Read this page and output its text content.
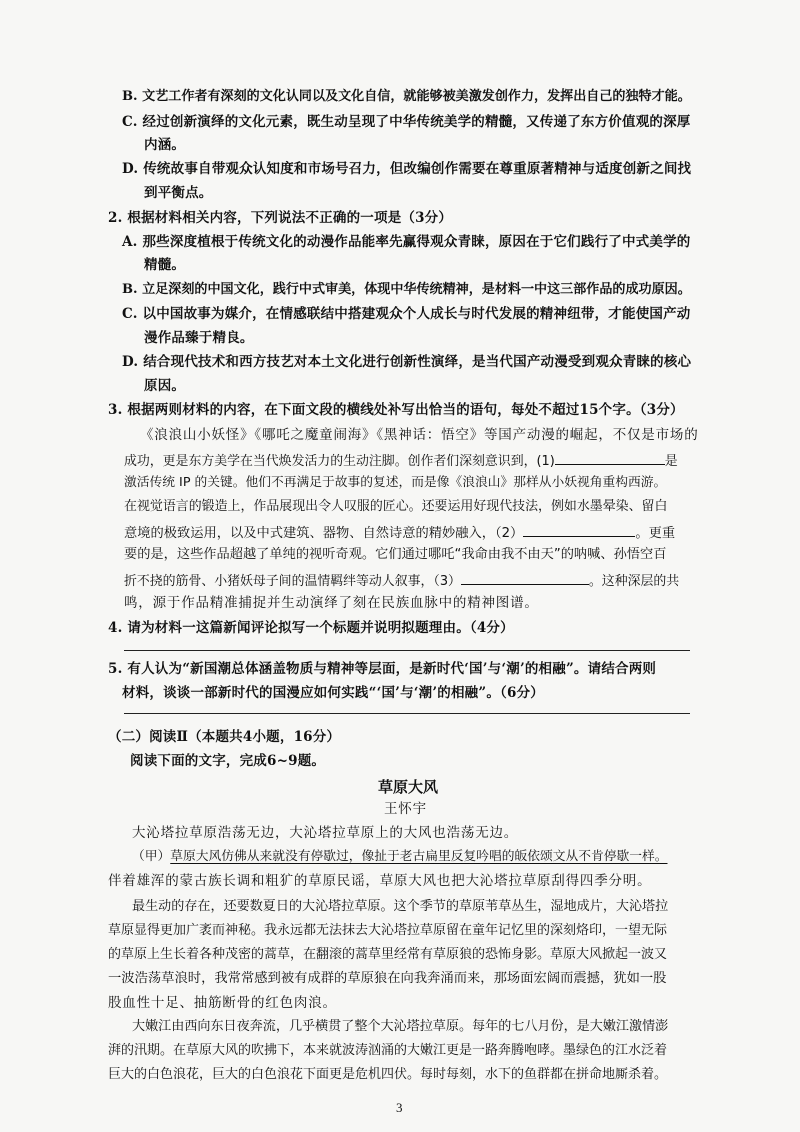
B. 文艺工作者有深刻的文化认同以及文化自信，就能够被美激发创作力，发挥出自己的独特才能。
C. 经过创新演绎的文化元素，既生动呈现了中华传统美学的精髓，又传递了东方价值观的深厚
内涵。
D. 传统故事自带观众认知度和市场号召力，但改编创作需要在尊重原著精神与适度创新之间找
到平衡点。
2. 根据材料相关内容，下列说法不正确的一项是（3分）
A. 那些深度植根于传统文化的动漫作品能率先赢得观众青睐，原因在于它们践行了中式美学的
精髓。
B. 立足深刻的中国文化，践行中式审美，体现中华传统精神，是材料一中这三部作品的成功原因。
C. 以中国故事为媒介，在情感联结中搭建观众个人成长与时代发展的精神纽带，才能使国产动
漫作品臻于精良。
D. 结合现代技术和西方技艺对本土文化进行创新性演绎，是当代国产动漫受到观众青睐的核心
原因。
3. 根据两则材料的内容，在下面文段的横线处补写出恰当的语句，每处不超过15个字。（3分）
《浪浪山小妖怪》《哪吒之魔童闹海》《黑神话：悟空》等国产动漫的崛起，不仅是市场的
成功，更是东方美学在当代焕发活力的生动注脚。创作者们深刻意识到，(1)	是
激活传统 IP 的关键。他们不再满足于故事的复述，而是像《浪浪山》那样从小妖视角重构西游。
在视觉语言的锻造上，作品展现出令人叹服的匠心。还要运用好现代技法，例如水墨晕染、留白
意境的极致运用，以及中式建筑、器物、自然诗意的精妙融入，（2）	。更重
要的是，这些作品超越了单纯的视听奇观。它们通过哪吒“我命由我不由天”的呐喊、孙悟空百
折不挠的筋骨、小猪妖母子间的温情羁绊等动人叙事，（3）	。这种深层的共
鸣，源于作品精准捕捉并生动演绎了刻在民族血脉中的精神图谱。
4. 请为材料一这篇新闻评论拟写一个标题并说明拟题理由。（4分）
5. 有人认为“新国潮总体涵盖物质与精神等层面，是新时代‘国’与‘潮’的相融”。请结合两则
材料，谈谈一部新时代的国漫应如何实践“‘国’与‘潮’的相融”。（6分）
（二）阅读Ⅱ（本题共4小题，16分）
阅读下面的文字，完成6~9题。
草原大风
王怀宇
大沁塔拉草原浩荡无边，大沁塔拉草原上的大风也浩荡无边。
（甲）草原大风仿佛从来就没有停歇过，像扯于老古扁里反复吟唱的皈依颂文从不肯停歇一样。
伴着雄浑的蒙古族长调和粗犷的草原民谣，草原大风也把大沁塔拉草原刮得四季分明。
最生动的存在，还要数夏日的大沁塔拉草原。这个季节的草原苇草丛生，湿地成片，大沁塔拉
草原显得更加广袤而神秘。我永远都无法抹去大沁塔拉草原留在童年记忆里的深刻烙印，一望无际
的草原上生长着各种茂密的蒿草，在翻滚的蒿草里经常有草原狼的恐怖身影。草原大风掀起一波又
一波浩荡草浪时，我常常感到被有成群的草原狼在向我奔涌而来，那场面宏阔而震撼，犹如一股
股血性十足、抽筋断骨的红色肉浪。
大嫩江由西向东日夜奔流，几乎横贯了整个大沁塔拉草原。每年的七八月份，是大嫩江激情澎
湃的汛期。在草原大风的吹拂下，本来就波涛汹涌的大嫩江更是一路奔腾咆哮。墨绿色的江水泛着
巨大的白色浪花，巨大的白色浪花下面更是危机四伏。每时每刻，水下的鱼群都在拼命地厮杀着。
3
